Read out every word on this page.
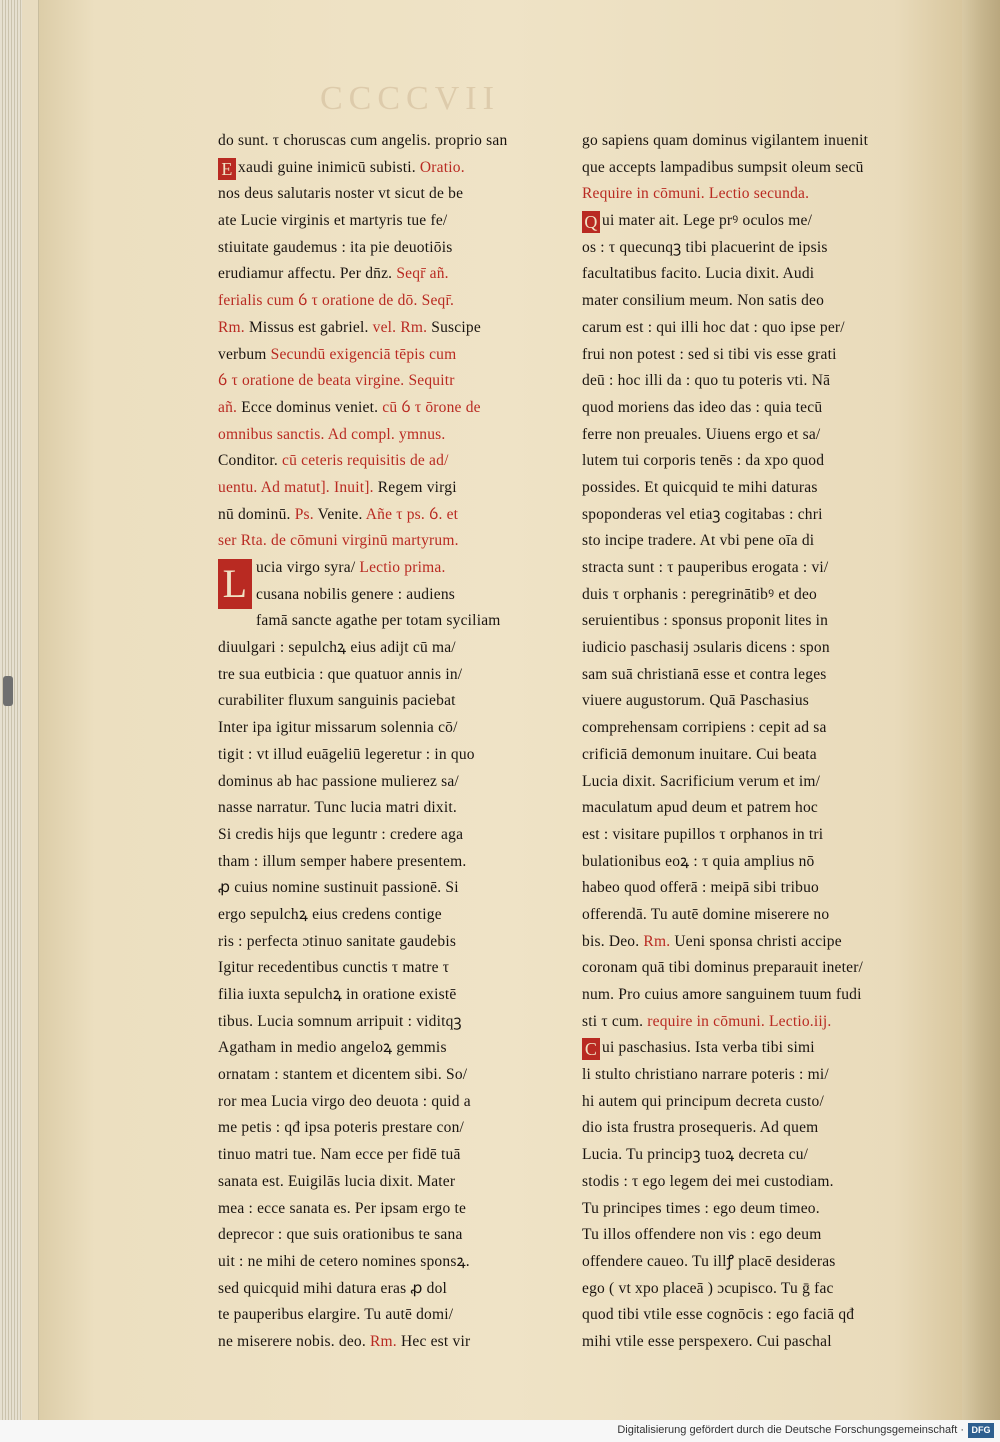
CCCCVII
do sunt. τ choruscas cum angelis. proprio san
E xaudi guine inimicū subisti. Oratio.
nos deus salutaris noster vt sicut de be
ate Lucie virginis et martyris tue fe/
stiuitate gaudemus : ita pie deuotiōis
erudiamur affectu. Per dn̄z. Seqr̄ añ.
ferialis cum ỽ τ oratione de dō. Seqr̄.
Rm. Missus est gabriel. vel. Rm. Suscipe
verbum Secundū exigenciā tēpis cum
ỽ τ oratione de beata virgine. Sequitr
añ. Ecce dominus veniet. cū ỽ τ ōrone de
omnibus sanctis. Ad compl. ymnus.
Conditor. cū ceteris requisitis de ad/
uentu. Ad matut]. Inuit]. Regem virgi
nū dominū. Ps. Venite. Añe τ ps. ỽ. et
ser Rta. de cōmuni virginū martyrum.
L ucia virgo syra/ Lectio prima.
cusana nobilis genere : audiens
famā sancte agathe per totam syciliam
diuulgari : sepulchꝝ eius adijt cū ma/
tre sua eutbicia : que quatuor annis in/
curabiliter fluxum sanguinis paciebat
Inter ipa igitur missarum solennia cō/
tigit : vt illud euāgeliū legeretur : in quo
dominus ab hac passione mulierez sa/
nasse narratur. Tunc lucia matri dixit.
Si credis hijs que leguntr : credere aga
tham : illum semper habere presentem.
ꝓ cuius nomine sustinuit passionē. Si
ergo sepulchꝝ eius credens contige
ris : perfecta ɔtinuo sanitate gaudebis
Igitur recedentibus cunctis τ matre τ
filia iuxta sepulchꝝ in oratione existē
tibus. Lucia somnum arripuit : viditqꝫ
Agatham in medio angeloꝝ gemmis
ornatam : stantem et dicentem sibi. So/
ror mea Lucia virgo deo deuota : quid a
me petis : qđ ipsa poteris prestare con/
tinuo matri tue. Nam ecce per fidē tuā
sanata est. Euigilās lucia dixit. Mater
mea : ecce sanata es. Per ipsam ergo te
deprecor : que suis orationibus te sana
uit : ne mihi de cetero nomines sponsꝝ.
sed quicquid mihi datura eras ꝓ dol
te pauperibus elargire. Tu autē domi/
ne miserere nobis. deo. Rm. Hec est vir
go sapiens quam dominus vigilantem inuenit
que accepts lampadibus sumpsit oleum secū
Require in cōmuni. Lectio secunda.
Q ui mater ait. Lege prꝰ oculos me/
os : τ quecunqꝫ tibi placuerint de ipsis
facultatibus facito. Lucia dixit. Audi
mater consilium meum. Non satis deo
carum est : qui illi hoc dat : quo ipse per/
frui non potest : sed si tibi vis esse grati
deū : hoc illi da : quo tu poteris vti. Nā
quod moriens das ideo das : quia tecū
ferre non preuales. Uiuens ergo et sa/
lutem tui corporis tenēs : da xpo quod
possides. Et quicquid te mihi daturas
spoponderas vel etiaꝫ cogitabas : chri
sto incipe tradere. At vbi pene oīa di
stracta sunt : τ pauperibus erogata : vi/
duis τ orphanis : peregrinātibꝰ et deo
seruientibus : sponsus proponit lites in
iudicio paschasij ɔsularis dicens : spon
sam suā christianā esse et contra leges
viuere augustorum. Quā Paschasius
comprehensam corripiens : cepit ad sa
crificiā demonum inuitare. Cui beata
Lucia dixit. Sacrificium verum et im/
maculatum apud deum et patrem hoc
est : visitare pupillos τ orphanos in tri
bulationibus eoꝝ : τ quia amplius nō
habeo quod offerā : meipā sibi tribuo
offerendā. Tu autē domine miserere no
bis. Deo. Rm. Ueni sponsa christi accipe
coronam quā tibi dominus preparauit ineter/
num. Pro cuius amore sanguinem tuum fudi
sti τ cum. require in cōmuni. Lectio.iij.
C ui paschasius. Ista verba tibi simi
li stulto christiano narrare poteris : mi/
hi autem qui principum decreta custo/
dio ista frustra prosequeris. Ad quem
Lucia. Tu principꝫ tuoꝝ decreta cu/
stodis : τ ego legem dei mei custodiam.
Tu principes times : ego deum timeo.
Tu illos offendere non vis : ego deum
offendere caueo. Tu illꝭ placē desideras
ego ( vt xpo placeā ) ɔcupisco. Tu ḡ fac
quod tibi vtile esse cognōcis : ego faciā qđ
mihi vtile esse perspexero. Cui paschal
Digitalisierung gefördert durch die Deutsche Forschungsgemeinschaft · DFG
